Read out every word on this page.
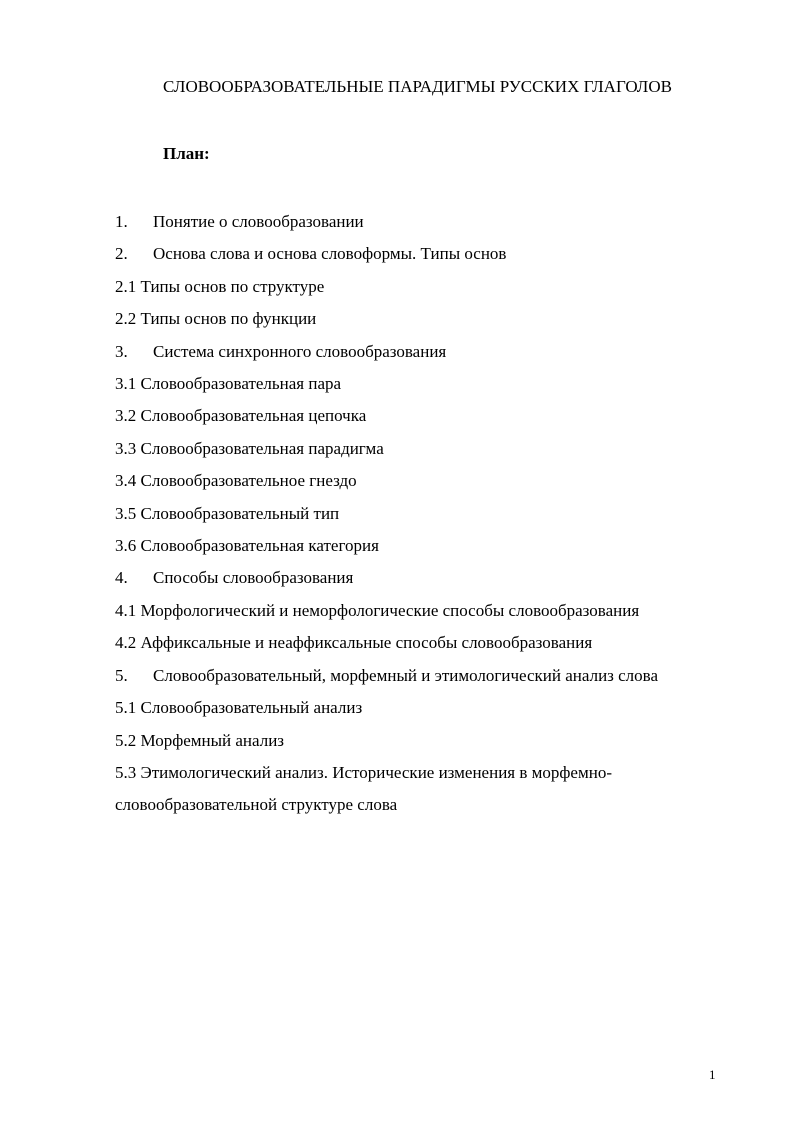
СЛОВООБРАЗОВАТЕЛЬНЫЕ ПАРАДИГМЫ РУССКИХ ГЛАГОЛОВ
План:
1.	Понятие о словообразовании
2.	Основа слова и основа словоформы. Типы основ
2.1 Типы основ по структуре
2.2 Типы основ по функции
3.	Система синхронного словообразования
3.1 Словообразовательная пара
3.2 Словообразовательная цепочка
3.3 Словообразовательная парадигма
3.4 Словообразовательное гнездо
3.5 Словообразовательный тип
3.6 Словообразовательная категория
4.	Способы словообразования
4.1 Морфологический и неморфологические способы словообразования
4.2 Аффиксальные и неаффиксальные способы словообразования
5.	Словообразовательный, морфемный и этимологический анализ слова
5.1 Словообразовательный анализ
5.2 Морфемный анализ
5.3 Этимологический анализ. Исторические изменения в морфемно-словообразовательной структуре слова
1
